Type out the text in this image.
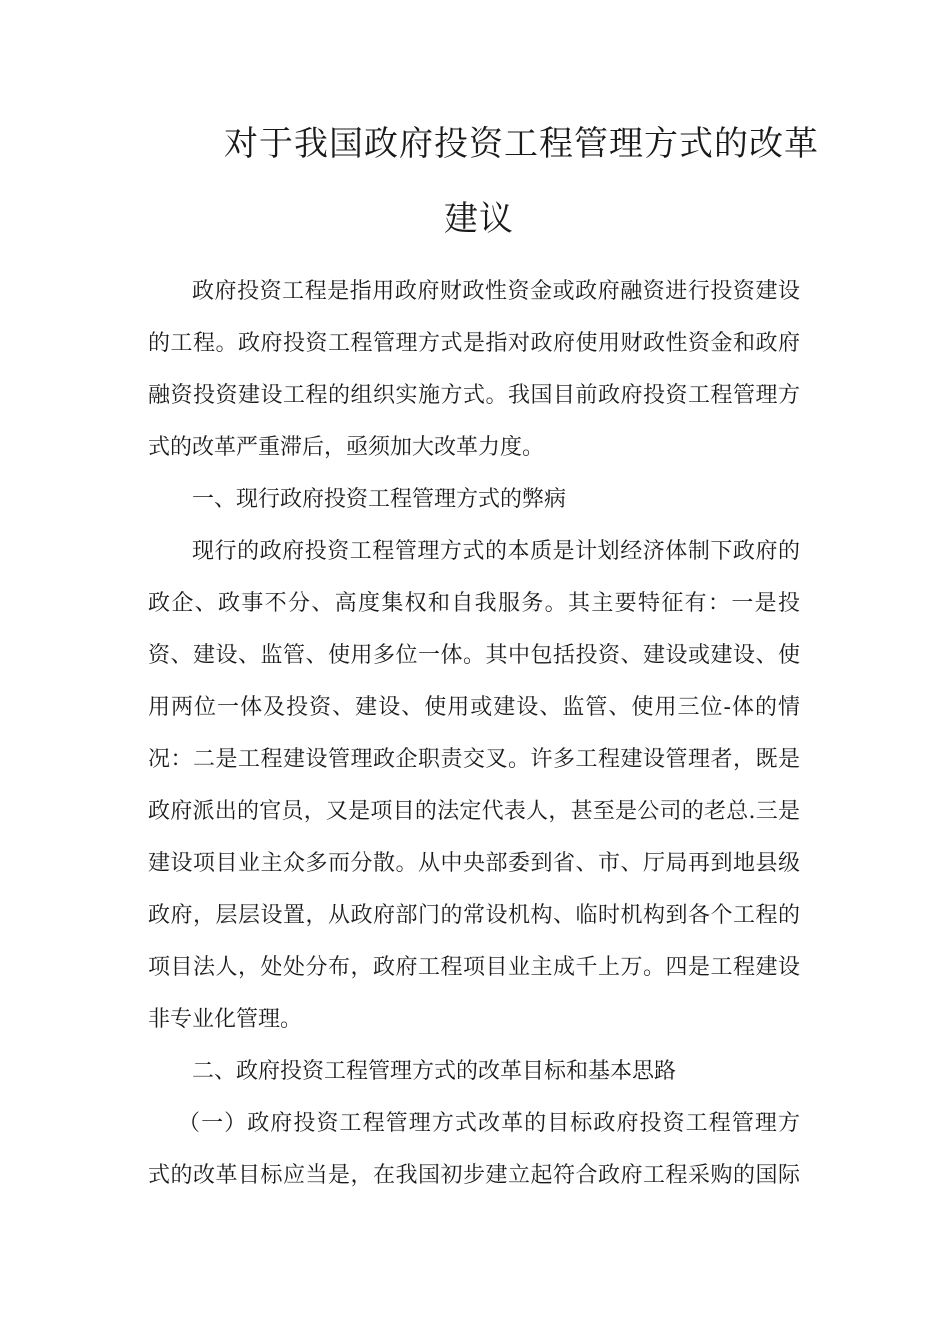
对于我国政府投资工程管理方式的改革
建议
政府投资工程是指用政府财政性资金或政府融资进行投资建设
的工程。政府投资工程管理方式是指对政府使用财政性资金和政府
融资投资建设工程的组织实施方式。我国目前政府投资工程管理方
式的改革严重滞后，亟须加大改革力度。
一、现行政府投资工程管理方式的弊病
现行的政府投资工程管理方式的本质是计划经济体制下政府的
政企、政事不分、高度集权和自我服务。其主要特征有：一是投
资、建设、监管、使用多位一体。其中包括投资、建设或建设、使
用两位一体及投资、建设、使用或建设、监管、使用三位-体的情
况：二是工程建设管理政企职责交叉。许多工程建设管理者，既是
政府派出的官员，又是项目的法定代表人，甚至是公司的老总.三是
建设项目业主众多而分散。从中央部委到省、市、厅局再到地县级
政府，层层设置，从政府部门的常设机构、临时机构到各个工程的
项目法人，处处分布，政府工程项目业主成千上万。四是工程建设
非专业化管理。
二、政府投资工程管理方式的改革目标和基本思路
（一）政府投资工程管理方式改革的目标政府投资工程管理方
式的改革目标应当是，在我国初步建立起符合政府工程采购的国际
